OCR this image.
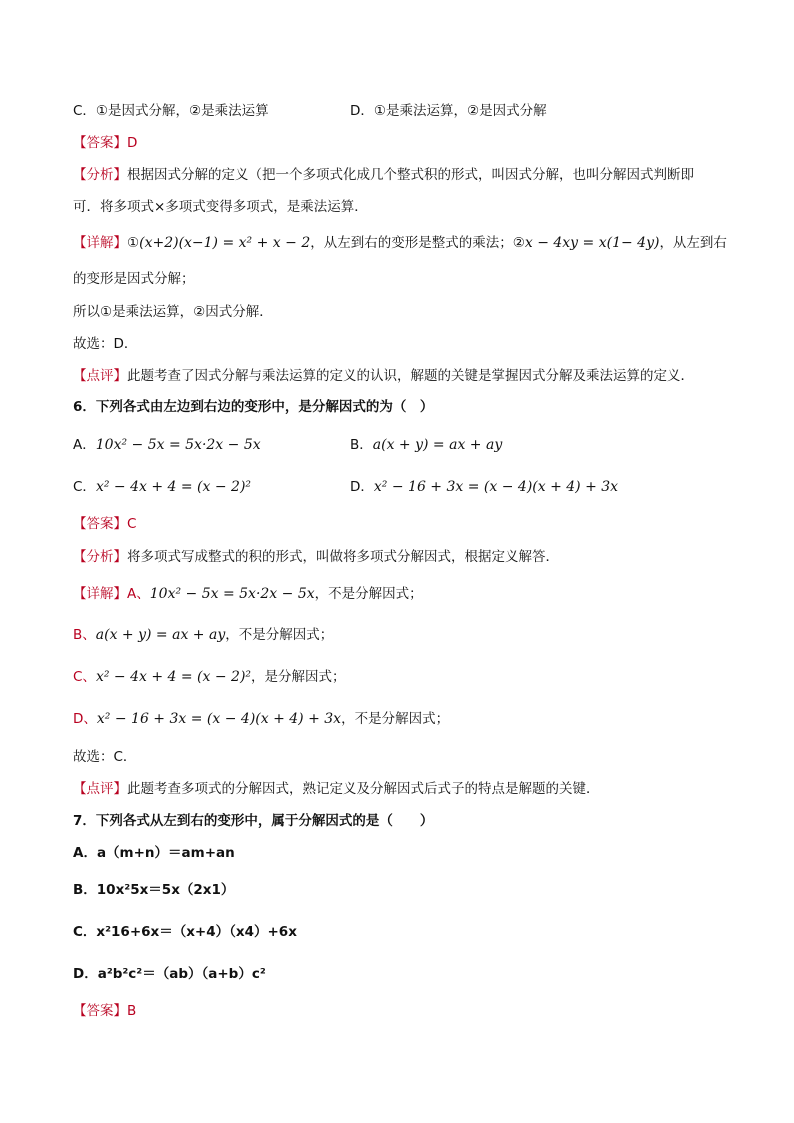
C．①是因式分解，②是乘法运算	D．①是乘法运算，②是因式分解
【答案】D
【分析】根据因式分解的定义（把一个多项式化成几个整式积的形式，叫因式分解，也叫分解因式判断即
可．将多项式×多项式变得多项式，是乘法运算．
【详解】①(x+2)(x−1) = x² + x − 2，从左到右的变形是整式的乘法；②x − 4xy = x(1− 4y)，从左到右
的变形是因式分解；
所以①是乘法运算，②因式分解．
故选：D．
【点评】此题考查了因式分解与乘法运算的定义的认识，解题的关键是掌握因式分解及乘法运算的定义．
6．下列各式由左边到右边的变形中，是分解因式的为（　）
A．10x² − 5x = 5x·2x − 5x	B．a(x + y) = ax + ay
C．x² − 4x + 4 = (x − 2)²	D．x² − 16 + 3x = (x − 4)(x + 4) + 3x
【答案】C
【分析】将多项式写成整式的积的形式，叫做将多项式分解因式，根据定义解答．
【详解】A、10x² − 5x = 5x·2x − 5x，不是分解因式；
B、a(x + y) = ax + ay，不是分解因式；
C、x² − 4x + 4 = (x − 2)²，是分解因式；
D、x² − 16 + 3x = (x − 4)(x + 4) + 3x，不是分解因式；
故选：C．
【点评】此题考查多项式的分解因式，熟记定义及分解因式后式子的特点是解题的关键．
7．下列各式从左到右的变形中，属于分解因式的是（　　）
A．a（m+n）＝am+an
B．10x²5x＝5x（2x1）
C．x²16+6x＝（x+4）（x4）+6x
D．a²b²c²＝（ab）（a+b）c²
【答案】B
